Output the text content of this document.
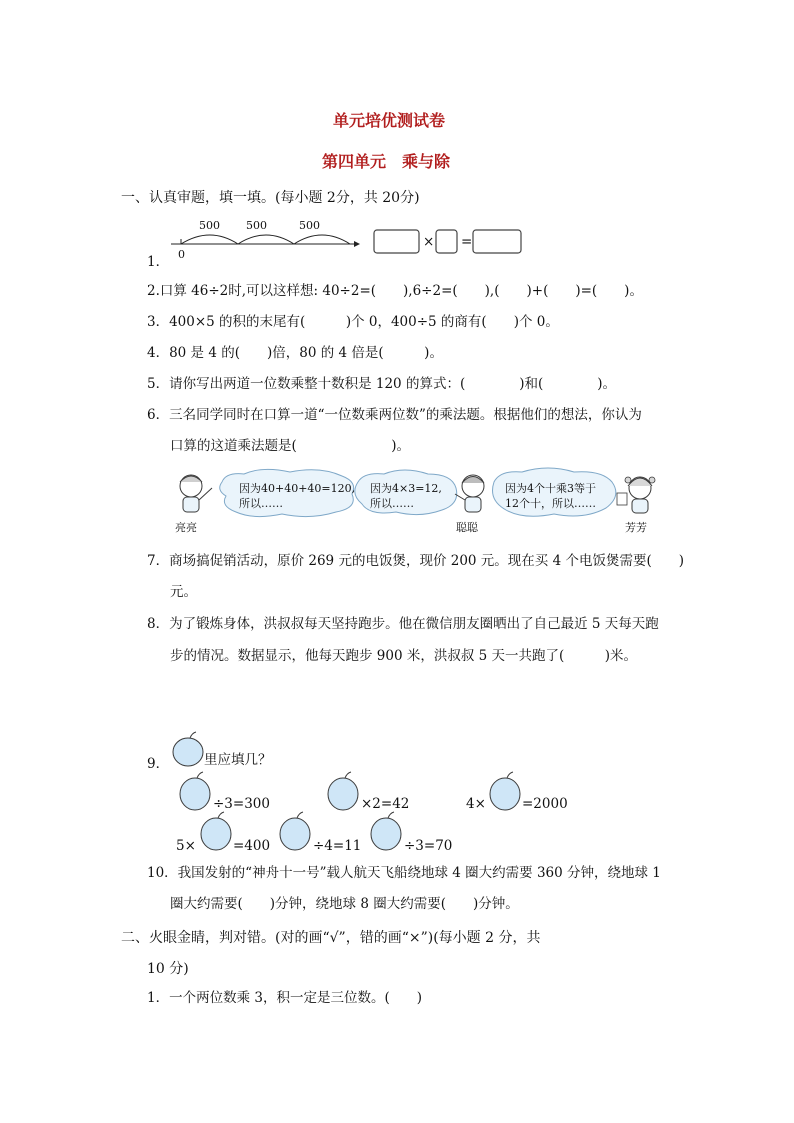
单元培优测试卷
第四单元　乘与除
一、认真审题，填一填。(每小题 2分，共 20分)
0
500 500	500
× =
1．
2.口算 46÷2时,可以这样想: 40÷2=(　　),6÷2=(　　),(　　)+(　　)=(　　)。
3．400×5 的积的末尾有(　　　)个 0，400÷5 的商有(　　)个 0。
4．80 是 4 的(　　)倍，80 的 4 倍是(　　　)。
5．请你写出两道一位数乘整十数积是 120 的算式：(　　　　)和(　　　　)。
6．三名同学同时在口算一道“一位数乘两位数”的乘法题。根据他们的想法，你认为
口算的这道乘法题是(　　　　　　　)。
因为40+40+40=120,
所以……
因为4×3=12,
所以……
因为4个十乘3等于
12个十，所以……
亮亮	聪聪	芳芳
7．商场搞促销活动，原价 269 元的电饭煲，现价 200 元。现在买 4 个电饭煲需要(　　)
元。
8．为了锻炼身体，洪叔叔每天坚持跑步。他在微信朋友圈晒出了自己最近 5 天每天跑
步的情况。数据显示，他每天跑步 900 米，洪叔叔 5 天一共跑了(　　　)米。
9．	里应填几？
÷3=300	×2=42	4×	=2000
5×	=400	÷4=11	÷3=70
10．我国发射的“神舟十一号”载人航天飞船绕地球 4 圈大约需要 360 分钟，绕地球 1
圈大约需要(　　)分钟，绕地球 8 圈大约需要(　　)分钟。
二、火眼金睛，判对错。(对的画“√”，错的画“×”)(每小题 2 分，共
10 分)
1．一个两位数乘 3，积一定是三位数。(　　)
